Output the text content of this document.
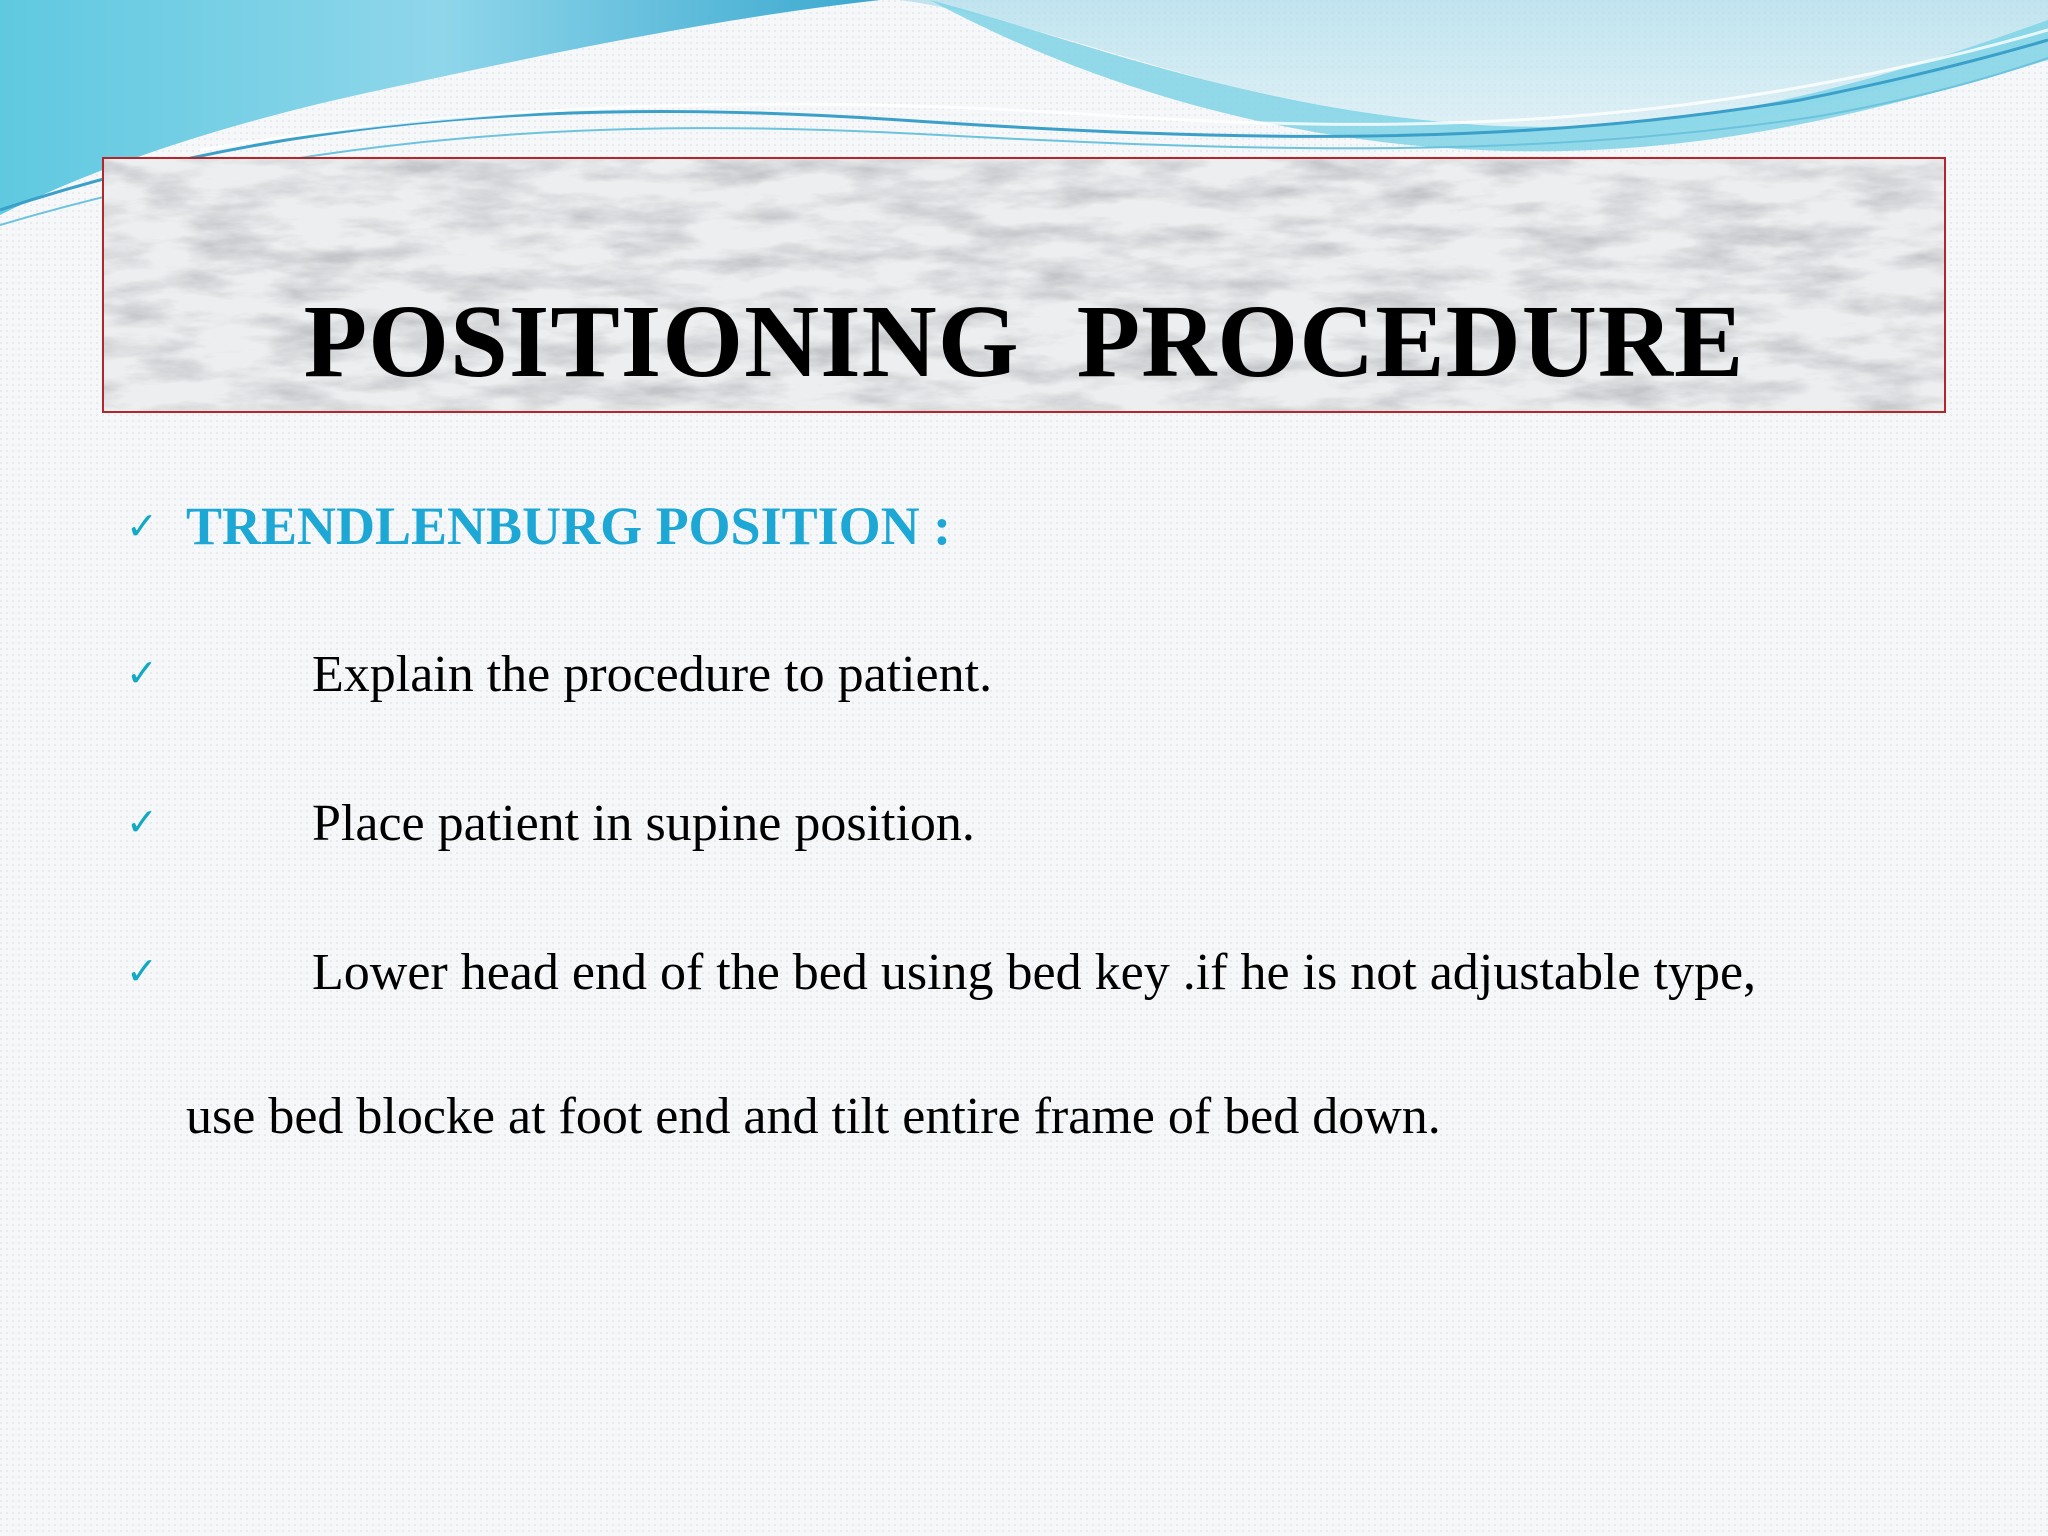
POSITIONING PROCEDURE
✓ TRENDLENBURG POSITION :
✓	Explain the procedure to patient.
✓	Place patient in supine position.
✓	Lower head end of the bed using bed key .if he is not adjustable type,
use bed blocke at foot end and tilt entire frame of bed down.
